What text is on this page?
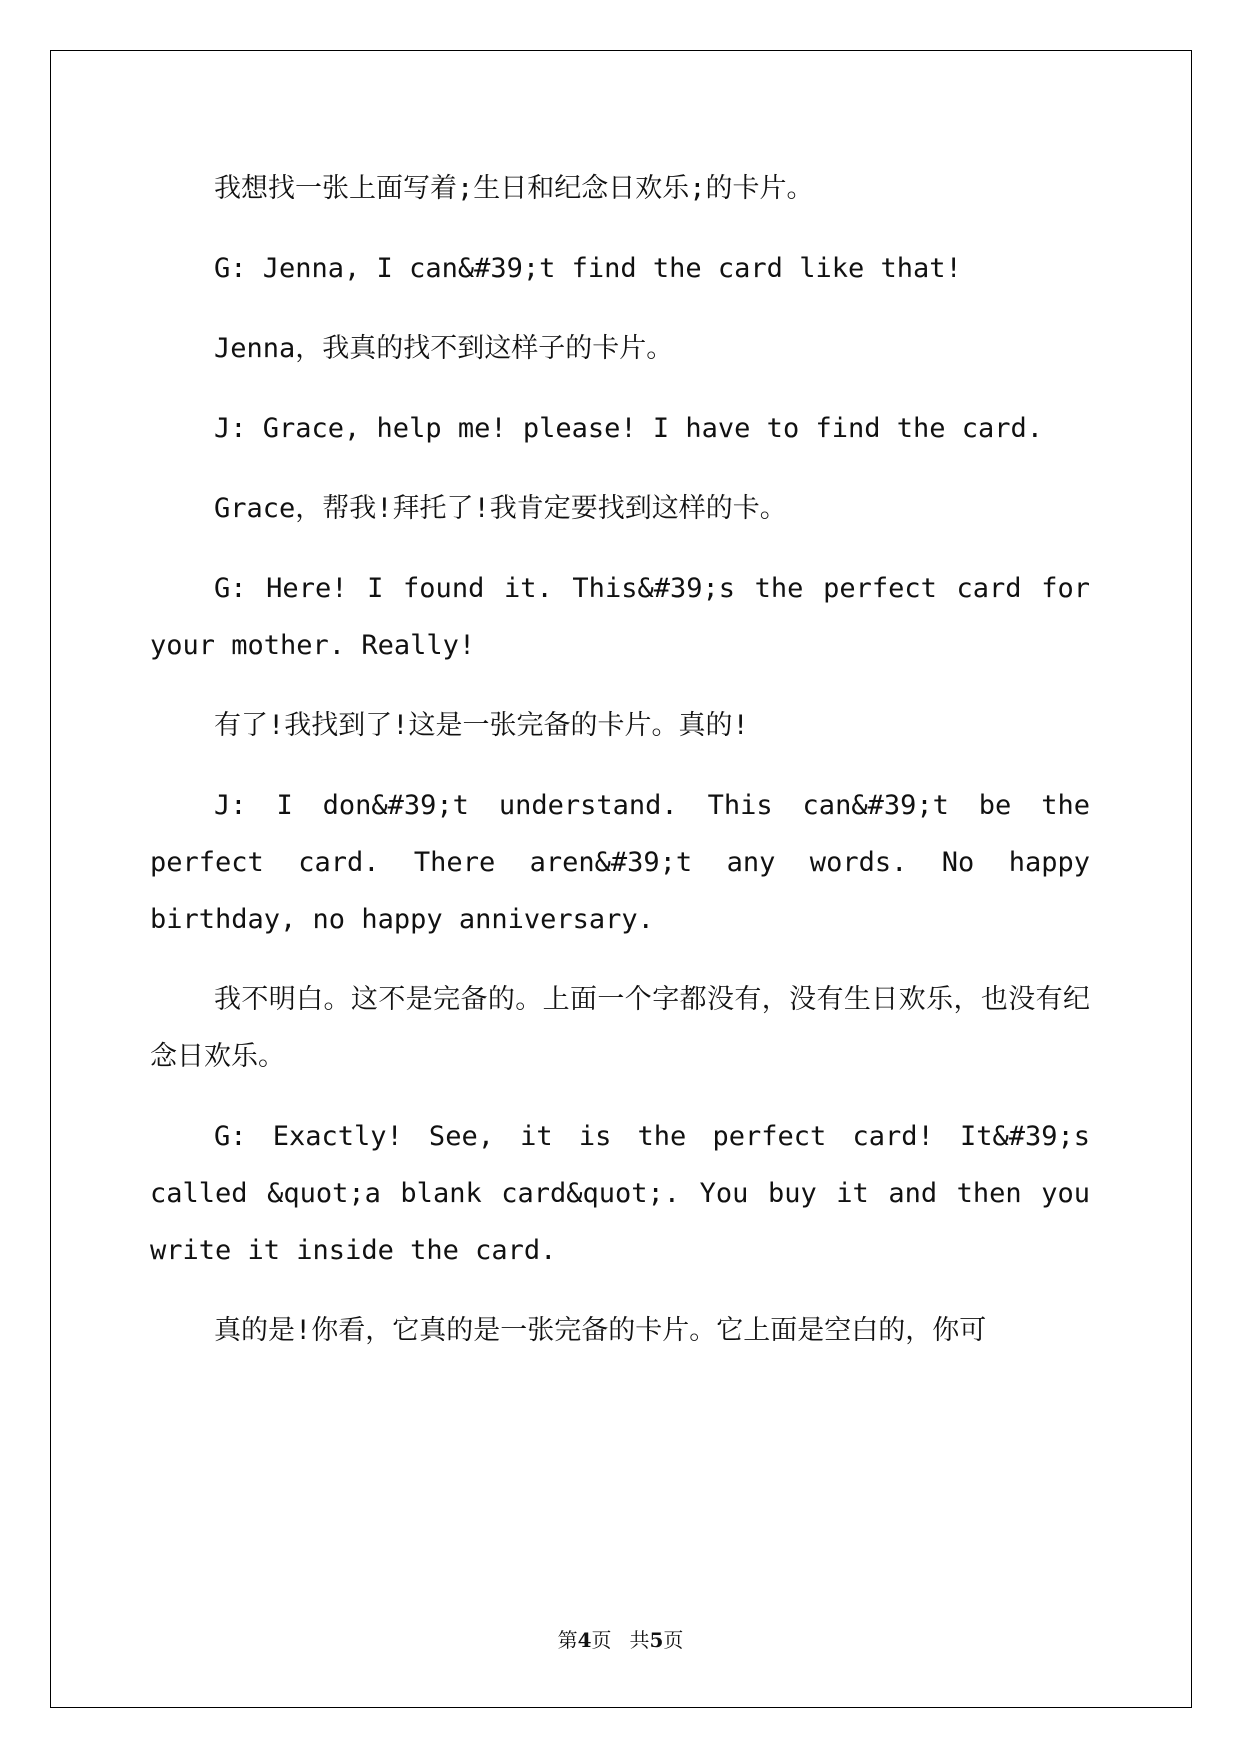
我想找一张上面写着;生日和纪念日欢乐;的卡片。

G: Jenna, I can&#39;t find the card like that!

Jenna，我真的找不到这样子的卡片。

J: Grace, help me! please! I have to find the card.

Grace，帮我!拜托了!我肯定要找到这样的卡。

G: Here! I found it. This&#39;s the perfect card for your mother. Really!

有了!我找到了!这是一张完备的卡片。真的!

J: I don&#39;t understand. This can&#39;t be the perfect card. There aren&#39;t any words. No happy birthday, no happy anniversary.

我不明白。这不是完备的。上面一个字都没有，没有生日欢乐，也没有纪念日欢乐。

G: Exactly! See, it is the perfect card! It&#39;s called &quot;a blank card&quot;. You buy it and then you write it inside the card.

真的是!你看，它真的是一张完备的卡片。它上面是空白的，你可

第4页 共5页
